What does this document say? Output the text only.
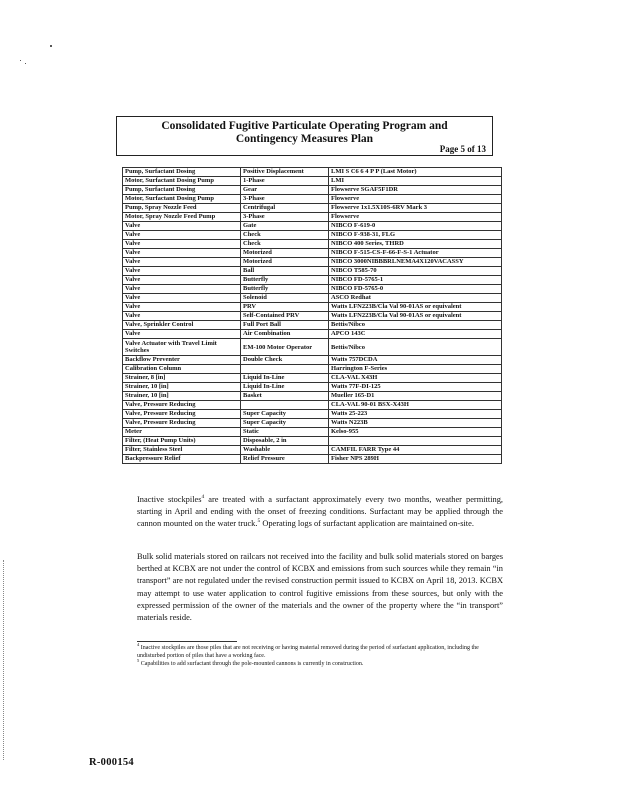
Consolidated Fugitive Particulate Operating Program and
Contingency Measures Plan
Page 5 of 13
Pump, Surfactant Dosing	Positive Displacement	LMI S C6 6 4 P P (Last Motor)
Motor, Surfactant Dosing Pump	1-Phase	LMI
Pump, Surfactant Dosing	Gear	Flowserve SGAF5F1DR
Motor, Surfactant Dosing Pump	3-Phase	Flowserve
Pump, Spray Nozzle Feed	Centrifugal	Flowserve 1x1.5X10S-6RV Mark 3
Motor, Spray Nozzle Feed Pump	3-Phase	Flowserve
Valve	Gate	NIBCO F-619-0
Valve	Check	NIBCO F-938-31, FLG
Valve	Check	NIBCO 400 Series, THRD
Valve	Motorized	NIBCO F-515-CS-F-66-F-S-1 Actuator
Valve	Motorized	NIBCO 3000NIBBBRLNEMA4X120VACASSY
Valve	Ball	NIBCO T585-70
Valve	Butterfly	NIBCO FD-5765-1
Valve	Butterfly	NIBCO FD-5765-0
Valve	Solenoid	ASCO Redhat
Valve	PRV	Watts LFN223B/Cla Val 90-01AS or equivalent
Valve	Self-Contained PRV	Watts LFN223B/Cla Val 90-01AS or equivalent
Valve, Sprinkler Control	Full Port Ball	Bettis/Nibco
Valve	Air Combination	APCO 143C
Valve Actuator with Travel Limit Switches	EM-100 Motor Operator	Bettis/Nibco
Backflow Preventer	Double Check	Watts 757DCDA
Calibration Column		Harrington F-Series
Strainer, 8 [in]	Liquid In-Line	CLA-VAL X43H
Strainer, 10 [in]	Liquid In-Line	Watts 77F-DI-125
Strainer, 10 [in]	Basket	Mueller 165-D1
Valve, Pressure Reducing		CLA-VAL 90-01 BSX-X43H
Valve, Pressure Reducing	Super Capacity	Watts 25-223
Valve, Pressure Reducing	Super Capacity	Watts N223B
Meter	Static	Kelso-955
Filter, (Heat Pump Units)	Disposable, 2 in	
Filter, Stainless Steel	Washable	CAMFIL FARR Type 44
Backpressure Relief	Relief Pressure	Fisher NPS 289H
Inactive stockpiles$^4$ are treated with a surfactant approximately every two months, weather permitting, starting in April and ending with the onset of freezing conditions. Surfactant may be applied through the cannon mounted on the water truck.$^5$ Operating logs of surfactant application are maintained on-site.
Bulk solid materials stored on railcars not received into the facility and bulk solid materials stored on barges berthed at KCBX are not under the control of KCBX and emissions from such sources while they remain “in transport” are not regulated under the revised construction permit issued to KCBX on April 18, 2013. KCBX may attempt to use water application to control fugitive emissions from these sources, but only with the expressed permission of the owner of the materials and the owner of the property where the “in transport” materials reside.
$^4$ Inactive stockpiles are those piles that are not receiving or having material removed during the period of surfactant application, including the undisturbed portion of piles that have a working face.
$^5$ Capabilities to add surfactant through the pole-mounted cannons is currently in construction.
R-000154
